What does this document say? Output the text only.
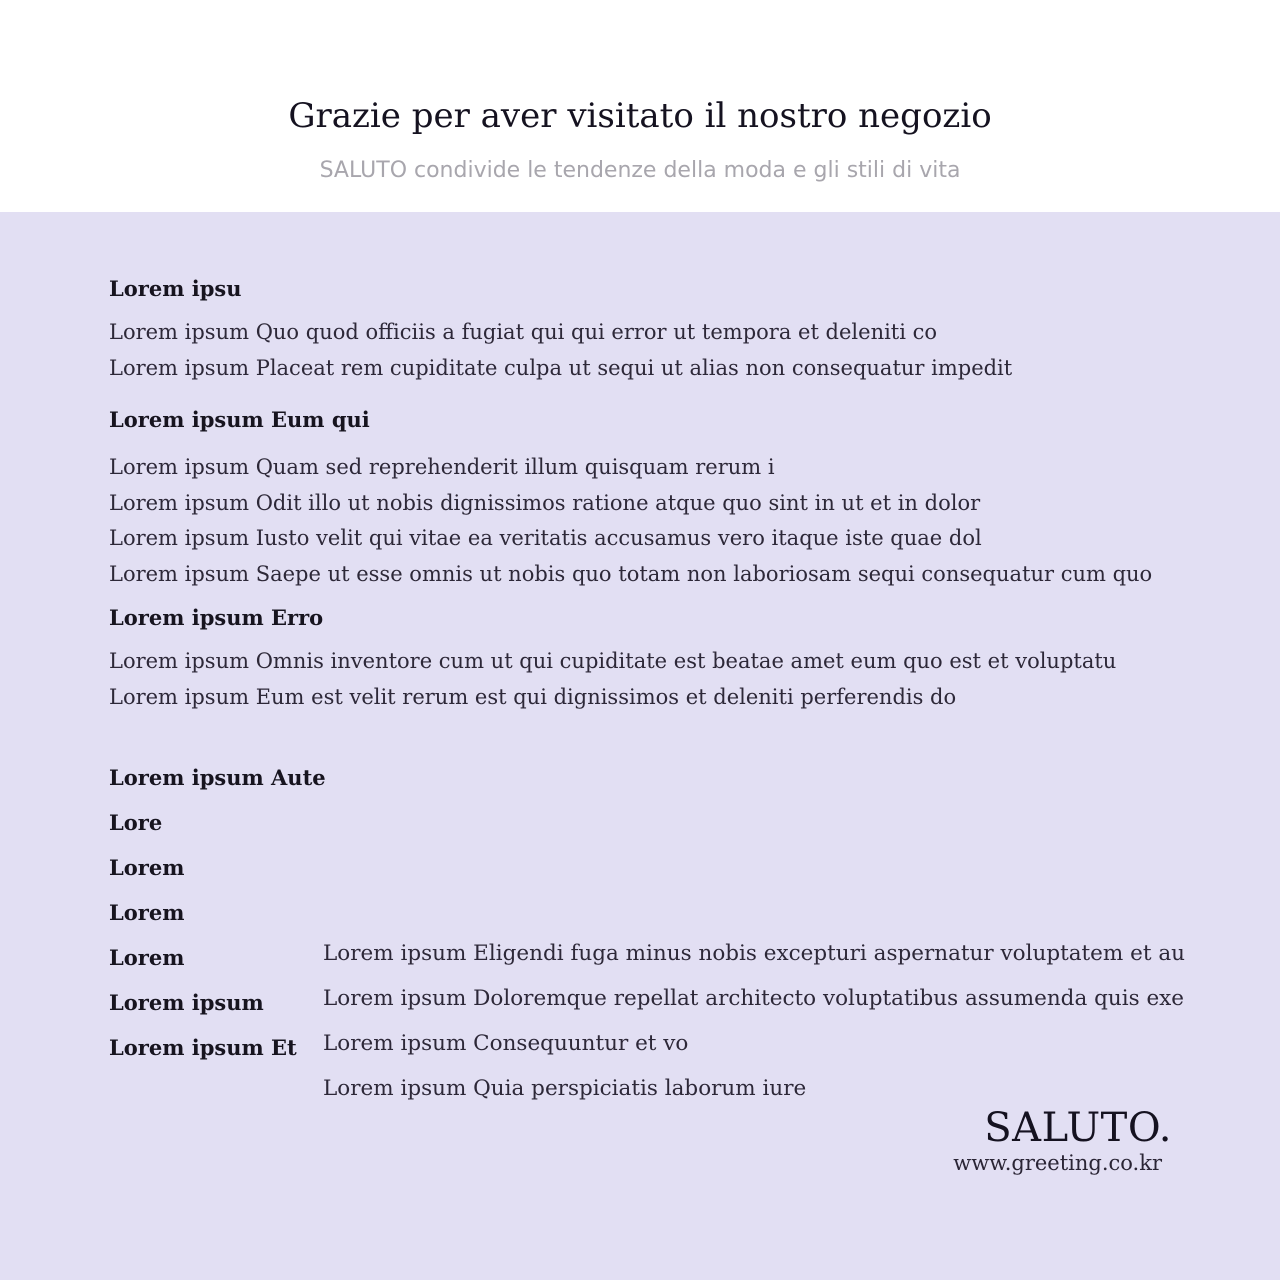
Grazie per aver visitato il nostro negozio
SALUTO condivide le tendenze della moda e gli stili di vita
Lorem ipsu
Lorem ipsum Quo quod officiis a fugiat qui qui error ut tempora et deleniti co
Lorem ipsum Placeat rem cupiditate culpa ut sequi ut alias non consequatur impedit
Lorem ipsum Eum qui
Lorem ipsum Quam sed reprehenderit illum quisquam rerum i
Lorem ipsum Odit illo ut nobis dignissimos ratione atque quo sint in ut et in dolor
Lorem ipsum Iusto velit qui vitae ea veritatis accusamus vero itaque iste quae dol
Lorem ipsum Saepe ut esse omnis ut nobis quo totam non laboriosam sequi consequatur cum quo
Lorem ipsum Erro
Lorem ipsum Omnis inventore cum ut qui cupiditate est beatae amet eum quo est et voluptatu
Lorem ipsum Eum est velit rerum est qui dignissimos et deleniti perferendis do
Lorem ipsum Aute
Lore
Lorem
Lorem
Lorem
Lorem ipsum
Lorem ipsum Et
Lorem ipsum Eligendi fuga minus nobis excepturi aspernatur voluptatem et au
Lorem ipsum Doloremque repellat architecto voluptatibus assumenda quis exe
Lorem ipsum Consequuntur et vo
Lorem ipsum Quia perspiciatis laborum iure
SALUTO.
www.greeting.co.kr
